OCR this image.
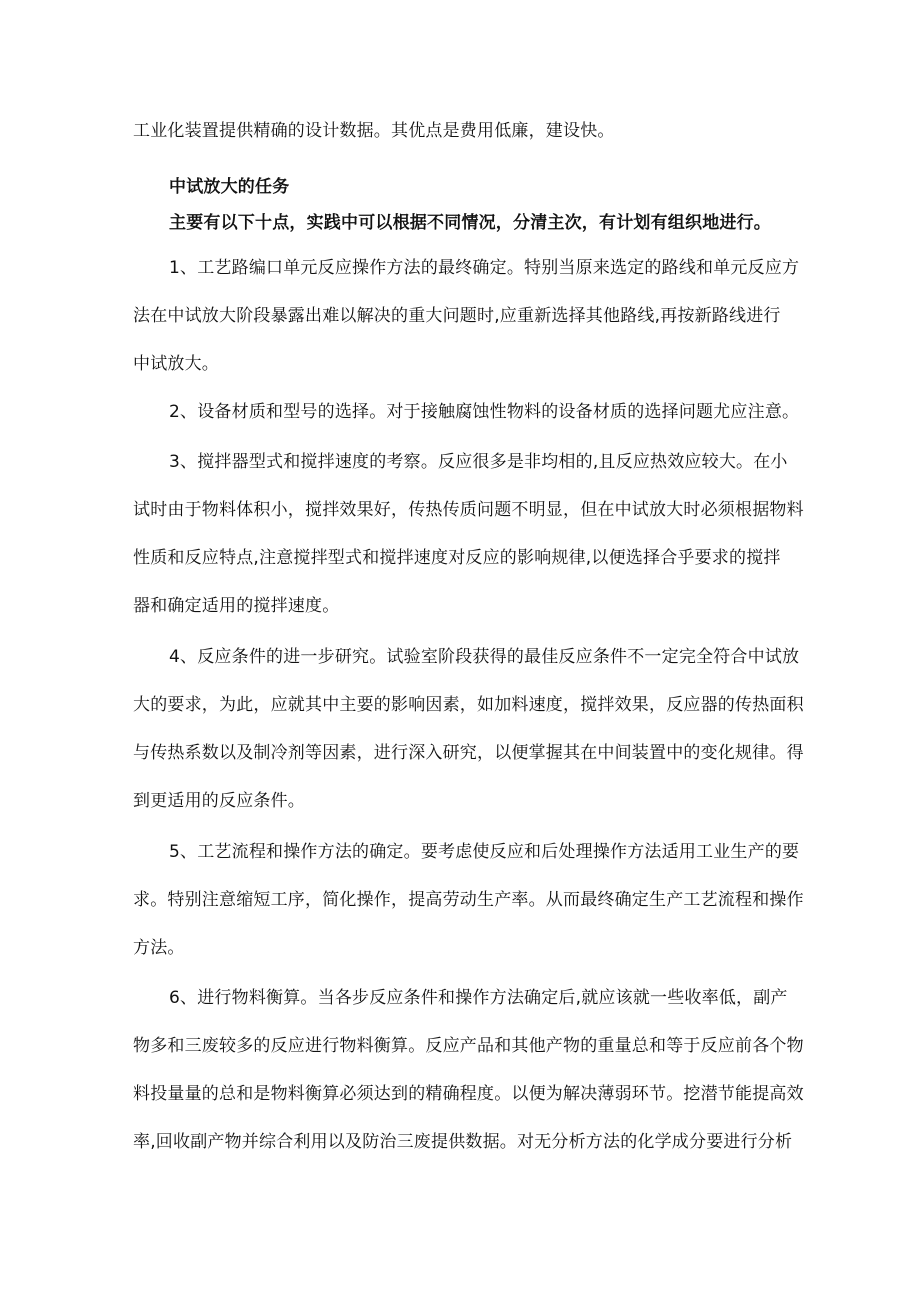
工业化装置提供精确的设计数据。其优点是费用低廉，建设快。
中试放大的任务
主要有以下十点，实践中可以根据不同情况，分清主次，有计划有组织地进行。
1、工艺路编口单元反应操作方法的最终确定。特别当原来选定的路线和单元反应方
法在中试放大阶段暴露出难以解决的重大问题时,应重新选择其他路线,再按新路线进行
中试放大。
2、设备材质和型号的选择。对于接触腐蚀性物料的设备材质的选择问题尤应注意。
3、搅拌器型式和搅拌速度的考察。反应很多是非均相的,且反应热效应较大。在小
试时由于物料体积小，搅拌效果好，传热传质问题不明显，但在中试放大时必须根据物料
性质和反应特点,注意搅拌型式和搅拌速度对反应的影响规律,以便选择合乎要求的搅拌
器和确定适用的搅拌速度。
4、反应条件的进一步研究。试验室阶段获得的最佳反应条件不一定完全符合中试放
大的要求，为此，应就其中主要的影响因素，如加料速度，搅拌效果，反应器的传热面积
与传热系数以及制冷剂等因素，进行深入研究，以便掌握其在中间装置中的变化规律。得
到更适用的反应条件。
5、工艺流程和操作方法的确定。要考虑使反应和后处理操作方法适用工业生产的要
求。特别注意缩短工序，简化操作，提高劳动生产率。从而最终确定生产工艺流程和操作
方法。
6、进行物料衡算。当各步反应条件和操作方法确定后,就应该就一些收率低，副产
物多和三废较多的反应进行物料衡算。反应产品和其他产物的重量总和等于反应前各个物
料投量量的总和是物料衡算必须达到的精确程度。以便为解决薄弱环节。挖潜节能提高效
率,回收副产物并综合利用以及防治三废提供数据。对无分析方法的化学成分要进行分析
